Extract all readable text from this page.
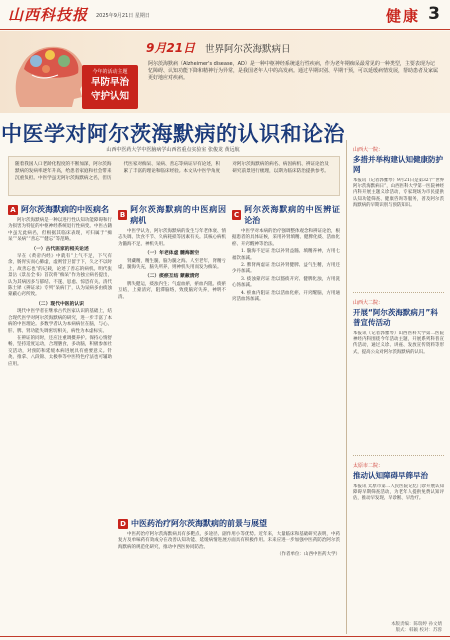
山西科技报 2025年9月21日 星期日	健康 3
今年的活动主题
早防早治
守护认知
9月21日 世界阿尔茨海默病日
阿尔茨海默病（Alzheimer's disease，AD）是一种中枢神经系统退行性疾病，作为老年期痴呆最常见的一种类型，主要表现为记忆障碍、认知功能下降和精神行为异常，是我国老年人中的高发病。通过早期识别、早期干预，可以延缓病情发展，帮助患者及家属更好地应对疾病。
中医学对阿尔茨海默病的认识和论治
山西中医药大学中医脑病学山西省重点实验室 张俊龙 黄远航
随着我国人口老龄化程度的不断加深，阿尔茨海默病的发病率逐年升高，给患者家庭和社会带来沉重负担。中医学虽无阿尔茨海默病之名，但历代医家对痴呆、呆病、善忘等病证早有论述，积累了丰富的理论和临床经验。本文从中医学角度对阿尔茨海默病的病名、病因病机、辨证论治及研究前景进行梳理，以期为临床防治提供参考。
A 阿尔茨海默病的中医病名

阿尔茨海默病是一种以进行性认知功能障碍和行为损害为特征的中枢神经系统退行性病变。中医古籍中虽无此病名，但根据其临床表现，可归属于“痴呆”“呆病”“善忘”“健忘”等范畴。

（一）古代医家的相关论述

早在《黄帝内经》中就有“上气不足，下气有余，肠胃实而心肺虚，虚则营卫留于下，久之不以时上，故善忘也”的记载，论述了善忘的病机。明代张景岳《景岳全书》首次将“痴呆”作为独立病名提出，认为其病因多与郁结、不遂、思虑、惊恐有关。清代陈士铎《辨证录》专列“呆病门”，认为呆病多由痰浊蒙蔽心窍所致。

（二）现代中医的认识

现代中医学者在继承古代医家认识的基础上，结合现代医学对阿尔茨海默病的研究，进一步丰富了本病的中医理论。多数学者认为本病病位在脑，与心、肝、脾、肾功能失调密切相关，病性为本虚标实。

在辨证的同时，还应注重调摄养护。保持心情舒畅，坚持适度运动，合理膳食，多动脑，积极参加社交活动，对预防和延缓本病进展具有重要意义。针灸、推拿、八段锦、太极拳等中医特色疗法也可辅助应用。

B
阿尔茨海默病的中医病因病机

中医学认为，阿尔茨海默病的发生与年老体衰、情志失调、饮食不节、久病耗损等因素有关。其核心病机为髓海不足、神机失用。

（一）年老体虚 髓海渐空

肾藏精，精生髓，脑为髓之海。人至老年，肾精亏虚，髓海失充，脑失所养，则神机失用而发为痴呆。

（二）痰瘀互结 蒙蔽清窍

脾失健运，痰浊内生；气虚血瘀，瘀血内阻。痰瘀互结，上蒙清窍，阻滞脑络，致使脑窍失养，神明不清。

C
阿尔茨海默病的中医辨证论治

中医学对本病的治疗强调整体观念和辨证论治，根据患者的具体证候，采用补肾填精、健脾化痰、活血化瘀、开窍醒神等治法。

1. 髓海不足证 治以补肾益髓、填精养神，方用七福饮加减。

2. 脾肾两虚证 治以补肾健脾、益气生精，方用还少丹加减。

3. 痰浊蒙窍证 治以豁痰开窍、健脾化浊，方用洗心汤加减。

4. 瘀血内阻证 治以活血化瘀、开窍醒脑，方用通窍活血汤加减。

D 中医药治疗阿尔茨海默病的前景与展望

中医药治疗阿尔茨海默病具有多靶点、多途径、副作用小等优势。近年来，大量临床和基础研究表明，中药复方及单味药有效成分在改善认知功能、延缓病情进展方面具有积极作用。未来应进一步加强中医药防治阿尔茨海默病的规范化研究，推动中西医协同防治。

（作者单位：山西中医药大学）

山西大一院：
多措并举构建认知健康防护网
本报讯（记者郭雅琴）9月21日是第32个“世界阿尔茨海默病日”，山西医科大学第一医院神经内科开展主题义诊活动，专家现场为市民提供认知功能筛查、健康咨询等服务，普及阿尔茨海默病的早期识别与预防知识。
山西大二院：
开展“阿尔茨海默病月”科普宣传活动
本报讯（记者郭雅琴）山西医科大学第二医院神经内科围绕今年活动主题，开展系列科普宣传活动，通过义诊、讲座、发放宣传资料等形式，提高公众对阿尔茨海默病的认识。
太原市二院：
推动认知障碍早筛早治
本报讯 太原市第二人民医院记忆门诊开展认知障碍早期筛查活动，为老年人提供免费认知评估，推动早发现、早诊断、早治疗。
本版责编：陈瑞婷 孙文婧
版式：韩颖 校对：苏蓉
